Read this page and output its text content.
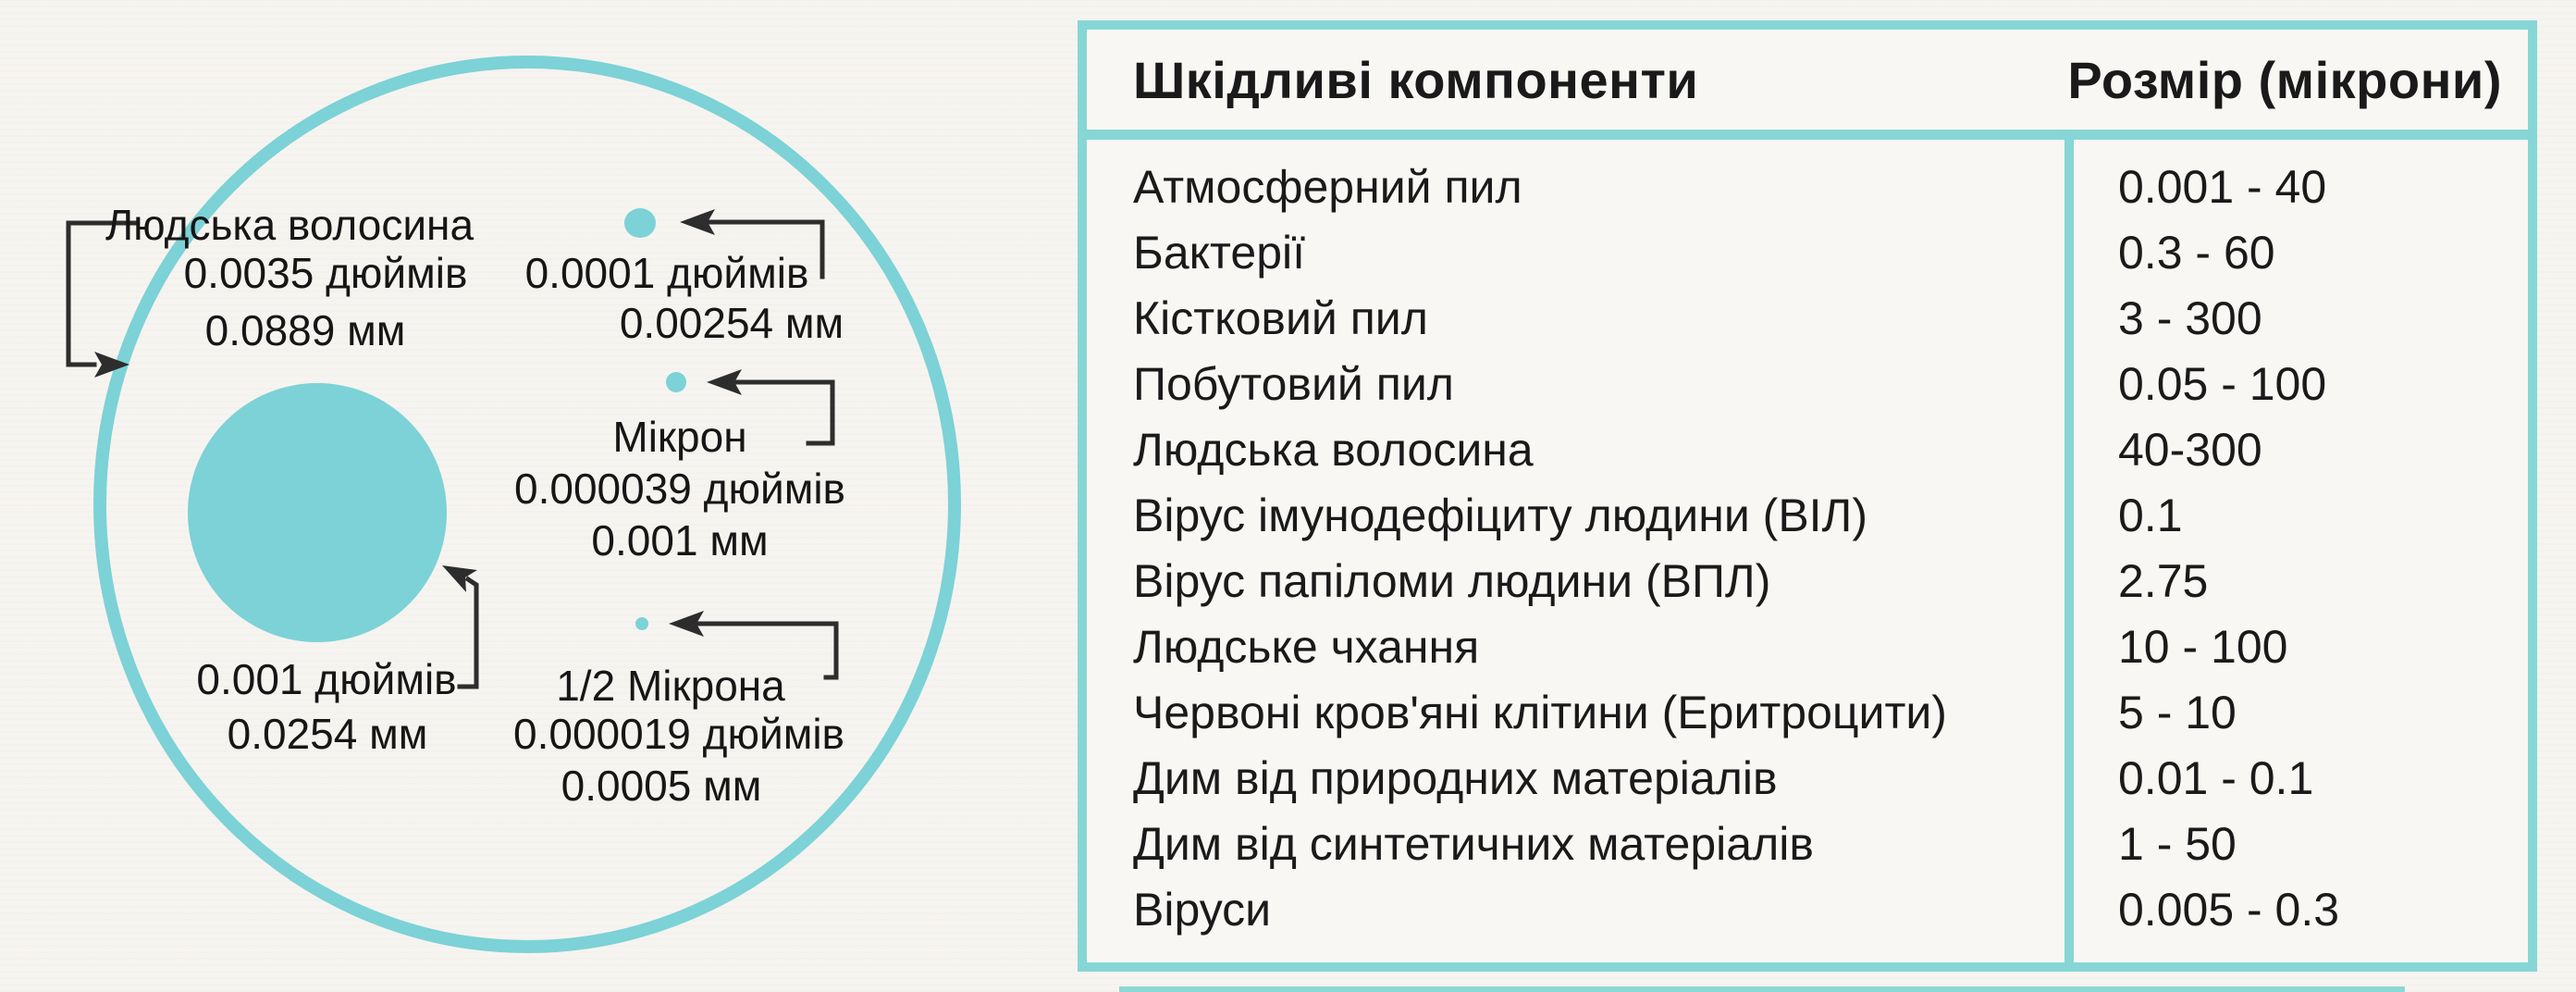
Людська волосина
0.0035 дюймів
0.0889 мм
0.0001 дюймів
0.00254 мм
Мікрон
0.000039 дюймів
0.001 мм
0.001 дюймів
0.0254 мм
1/2 Мікрона
0.000019 дюймів
0.0005 мм
Шкідливі компоненти	Розмір (мікрони)
Атмосферний пил
Бактерії
Кістковий пил
Побутовий пил
Людська волосина
Вірус імунодефіциту людини (ВІЛ)
Вірус папіломи людини (ВПЛ)
Людське чхання
Червоні кров'яні клітини (Еритроцити)
Дим від природних матеріалів
Дим від синтетичних матеріалів
Віруси
0.001 - 40
0.3 - 60
3 - 300
0.05 - 100
40-300
0.1
2.75
10 - 100
5 - 10
0.01 - 0.1
1 - 50
0.005 - 0.3
